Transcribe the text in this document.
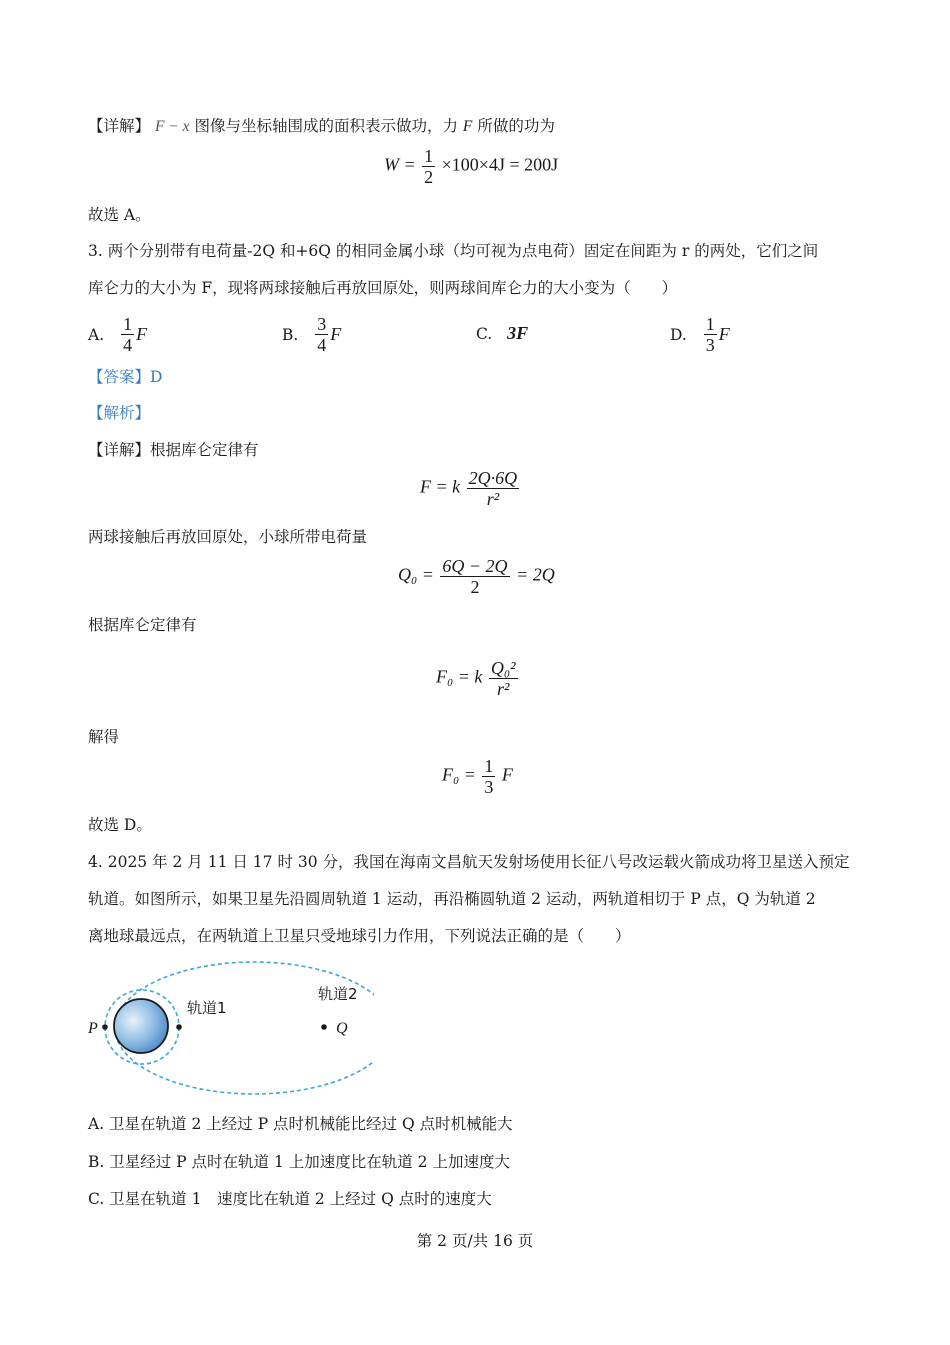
【详解】 F − x 图像与坐标轴围成的面积表示做功，力 F 所做的功为
$W = \frac{1}{2} \times 100\times 4J = 200J$
故选 A。
3. 两个分别带有电荷量-2Q 和+6Q 的相同金属小球（均可视为点电荷）固定在间距为 r 的两处，它们之间
库仑力的大小为 F，现将两球接触后再放回原处，则两球间库仑力的大小变为（　　）
A. $\frac{1}{4}$ F	B. $\frac{3}{4}$ F	C. 3F	D. $\frac{1}{3}$ F
【答案】D
【解析】
【详解】根据库仑定律有
F = k $\frac{2Q\cdot 6Q}{\text{r²}}$
两球接触后再放回原处，小球所带电荷量
$Q_0 = \frac{6Q - 2Q}{2} = 2Q$
根据库仑定律有
F₀ = k $\frac{\text{Q₀²}}{\text{r²}}$
解得
$F_0 = \frac{1}{3}$ F
故选 D。
4. 2025 年 2 月 11 日 17 时 30 分，我国在海南文昌航天发射场使用长征八号改运载火箭成功将卫星送入预定
轨道。如图所示，如果卫星先沿圆周轨道 1 运动，再沿椭圆轨道 2 运动，两轨道相切于 P 点，Q 为轨道 2
离地球最远点，在两轨道上卫星只受地球引力作用，下列说法正确的是（　　）
P	Q
轨道1
轨道2
A. 卫星在轨道 2 上经过 P 点时机械能比经过 Q 点时机械能大
B. 卫星经过 P 点时在轨道 1 上加速度比在轨道 2 上加速度大
C. 卫星在轨道 1　速度比在轨道 2 上经过 Q 点时的速度大
第 2 页/共 16 页
